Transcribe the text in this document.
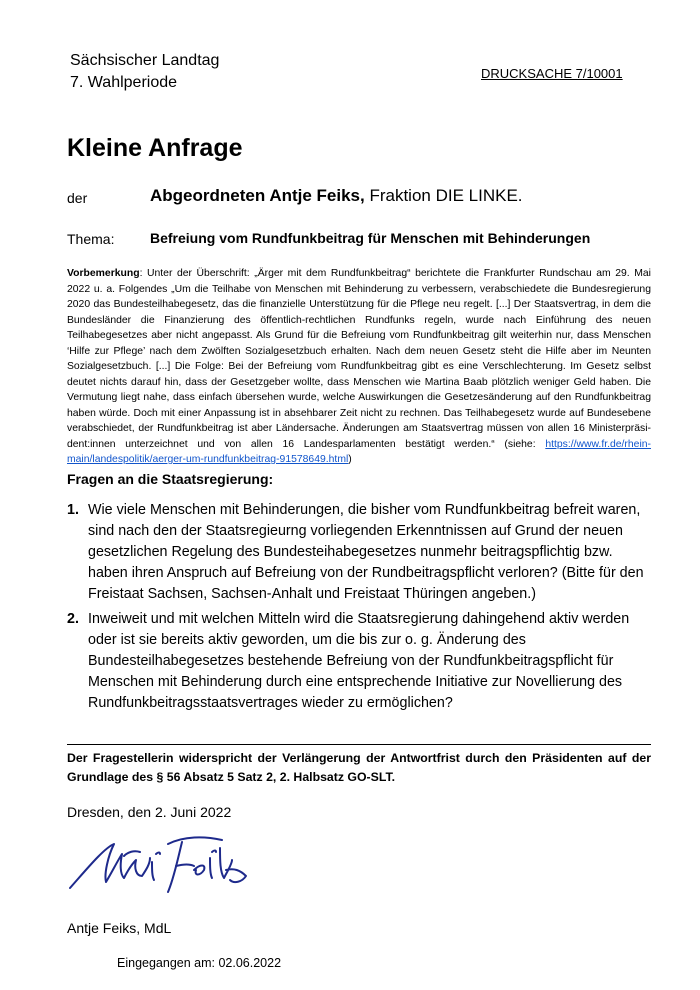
Sächsischer Landtag
7. Wahlperiode
DRUCKSACHE 7/10001
Kleine Anfrage
der	Abgeordneten Antje Feiks, Fraktion DIE LINKE.
Thema:	Befreiung vom Rundfunkbeitrag für Menschen mit Behinderungen

Vorbemerkung: Unter der Überschrift: „Ärger mit dem Rundfunkbeitrag“ berichtete die Frankfurter Rundschau am 29. Mai 2022 u. a. Folgendes „Um die Teilhabe von Menschen mit Behinderung zu verbessern, verabschiedete die Bundesregierung 2020 das Bundesteilhabegesetz, das die finanzielle Unterstützung für die Pflege neu regelt. [...] Der Staatsvertrag, in dem die Bundesländer die Finanzierung des öffentlich-rechtlichen Rundfunks regeln, wurde nach Einführung des neuen Teilhabegesetzes aber nicht angepasst. Als Grund für die Befreiung vom Rundfunkbeitrag gilt weiterhin nur, dass Menschen ‘Hilfe zur Pflege’ nach dem Zwölften Sozialgesetzbuch erhalten. Nach dem neuen Gesetz steht die Hilfe aber im Neunten Sozialgesetzbuch. [...] Die Folge: Bei der Befreiung vom Rundfunkbeitrag gibt es eine Verschlechterung. Im Gesetz selbst deutet nichts darauf hin, dass der Gesetzgeber wollte, dass Menschen wie Martina Baab plötzlich weniger Geld haben. Die Vermutung liegt nahe, dass einfach übersehen wurde, welche Auswirkungen die Gesetzesänderung auf den Rundfunkbeitrag haben würde. Doch mit einer Anpassung ist in absehbarer Zeit nicht zu rechnen. Das Teilhabegesetz wurde auf Bundesebene verabschiedet, der Rundfunkbeitrag ist aber Ländersache. Änderungen am Staatsvertrag müssen von allen 16 Ministerpräsi-dent:innen unterzeichnet und von allen 16 Landesparlamenten bestätigt werden.“ (siehe: https://www.fr.de/rhein-main/landespolitik/aerger-um-rundfunkbeitrag-91578649.html)

Fragen an die Staatsregierung:
1. Wie viele Menschen mit Behinderungen, die bisher vom Rundfunkbeitrag befreit waren, sind nach den der Staatsregieurng vorliegenden Erkenntnissen auf Grund der neuen gesetzlichen Regelung des Bundesteihabegesetzes nunmehr beitragspflichtig bzw. haben ihren Anspruch auf Befreiung von der Rundbeitragspflicht verloren? (Bitte für den Freistaat Sachsen, Sachsen-Anhalt und Freistaat Thüringen angeben.)
2. Inweiweit und mit welchen Mitteln wird die Staatsregierung dahingehend aktiv werden oder ist sie bereits aktiv geworden, um die bis zur o. g. Änderung des Bundesteilhabegesetzes bestehende Befreiung von der Rundfunkbeitragspflicht für Menschen mit Behinderung durch eine entsprechende Initiative zur Novellierung des Rundfunkbeitragsstaatsvertrages wieder zu ermöglichen?
Der Fragestellerin widerspricht der Verlängerung der Antwortfrist durch den Präsidenten auf der Grundlage des § 56 Absatz 5 Satz 2, 2. Halbsatz GO-SLT.
Dresden, den 2. Juni 2022
Antje Feiks, MdL
Eingegangen am: 02.06.2022
